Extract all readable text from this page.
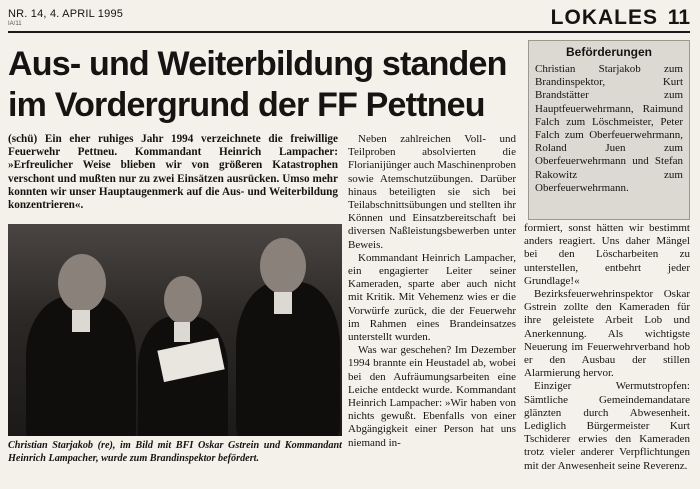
NR. 14, 4. APRIL 1995
IA/11	LOKALES 11
Aus- und Weiterbildung standen
im Vordergrund der FF Pettneu
(schü) Ein eher ruhiges Jahr 1994 verzeichnete die freiwillige Feuerwehr Pettneu. Kommandant Heinrich Lampacher: »Erfreulicher Weise blieben wir von größeren Katastrophen verschont und mußten nur zu zwei Einsätzen ausrücken. Umso mehr konnten wir unser Hauptaugenmerk auf die Aus- und Weiterbildung konzentrieren«.
Christian Starjakob (re), im Bild mit BFI Oskar Gstrein und Kommandant Heinrich Lampacher, wurde zum Brandinspektor befördert.

Neben zahlreichen Voll- und Teilproben absolvierten die Florianijünger auch Maschinenproben sowie Atemschutzübungen. Darüber hinaus beteiligten sie sich bei Teilabschnittsübungen und stellten ihr Können und Einsatzbereitschaft bei diversen Naßleistungsbewerben unter Beweis.

Kommandant Heinrich Lampacher, ein engagierter Leiter seiner Kameraden, sparte aber auch nicht mit Kritik. Mit Vehemenz wies er die Vorwürfe zurück, die der Feuerwehr im Rahmen eines Brandeinsatzes unterstellt wurden.

Was war geschehen? Im Dezember 1994 brannte ein Heustadel ab, wobei bei den Aufräumungsarbeiten eine Leiche entdeckt wurde. Kommandant Heinrich Lampacher: »Wir haben von nichts gewußt. Ebenfalls von einer Abgängigkeit einer Person hat uns niemand in-

Beförderungen
Christian Starjakob zum Brandinspektor, Kurt Brandstätter zum Hauptfeuerwehrmann, Raimund Falch zum Löschmeister, Peter Falch zum Oberfeuerwehrmann, Roland Juen zum Oberfeuerwehrmann und Stefan Rakowitz zum Oberfeuerwehrmann.

formiert, sonst hätten wir bestimmt anders reagiert. Uns daher Mängel bei den Löscharbeiten zu unterstellen, entbehrt jeder Grundlage!«

Bezirksfeuerwehrinspektor Oskar Gstrein zollte den Kameraden für ihre geleistete Arbeit Lob und Anerkennung. Als wichtigste Neuerung im Feuerwehrverband hob er den Ausbau der stillen Alarmierung hervor.

Einziger Wermutstropfen: Sämtliche Gemeindemandatare glänzten durch Abwesenheit. Lediglich Bürgermeister Kurt Tschiderer erwies den Kameraden trotz vieler anderer Verpflichtungen mit der Anwesenheit seine Reverenz.
